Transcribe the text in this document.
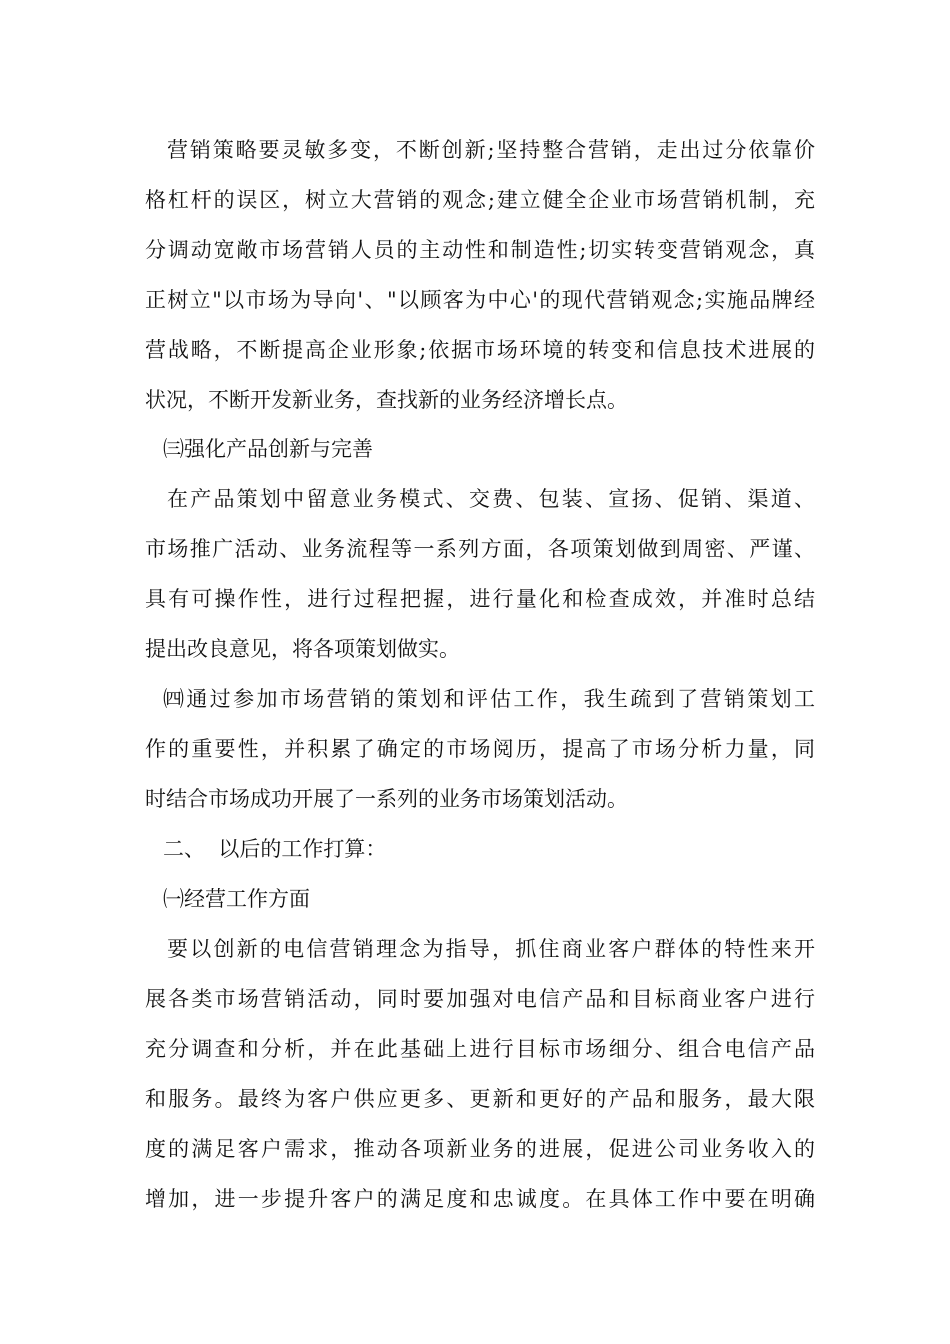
营销策略要灵敏多变，不断创新;坚持整合营销，走出过分依靠价
格杠杆的误区，树立大营销的观念;建立健全企业市场营销机制，充
分调动宽敞市场营销人员的主动性和制造性;切实转变营销观念，真
正树立"以市场为导向'、"以顾客为中心'的现代营销观念;实施品牌经
营战略，不断提高企业形象;依据市场环境的转变和信息技术进展的
状况，不断开发新业务，查找新的业务经济增长点。
㈢强化产品创新与完善
在产品策划中留意业务模式、交费、包装、宣扬、促销、渠道、
市场推广活动、业务流程等一系列方面，各项策划做到周密、严谨、
具有可操作性，进行过程把握，进行量化和检查成效，并准时总结
提出改良意见，将各项策划做实。
㈣通过参加市场营销的策划和评估工作，我生疏到了营销策划工
作的重要性，并积累了确定的市场阅历，提高了市场分析力量，同
时结合市场成功开展了一系列的业务市场策划活动。
二、  以后的工作打算：
㈠经营工作方面
要以创新的电信营销理念为指导，抓住商业客户群体的特性来开
展各类市场营销活动，同时要加强对电信产品和目标商业客户进行
充分调查和分析，并在此基础上进行目标市场细分、组合电信产品
和服务。最终为客户供应更多、更新和更好的产品和服务，最大限
度的满足客户需求，推动各项新业务的进展，促进公司业务收入的
增加，进一步提升客户的满足度和忠诚度。在具体工作中要在明确
